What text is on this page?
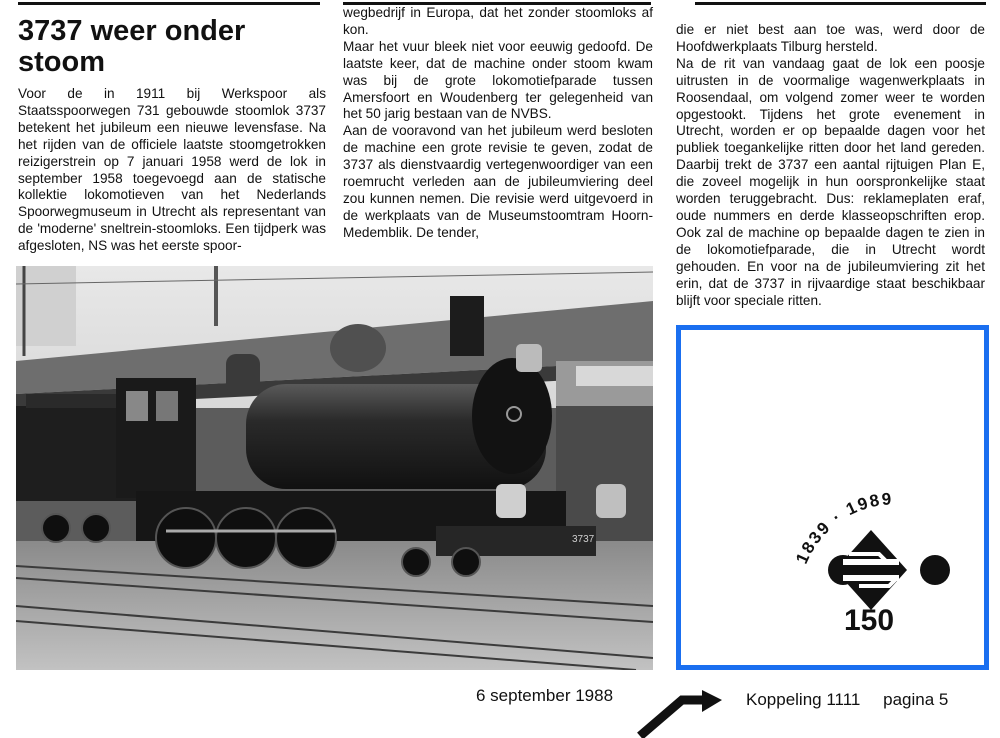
3737 weer onder stoom

Voor de in 1911 bij Werkspoor als Staatsspoorwegen 731 gebouwde stoomlok 3737 betekent het jubileum een nieuwe levensfase. Na het rijden van de officiele laatste stoomgetrokken reizigerstrein op 7 januari 1958 werd de lok in september 1958 toegevoegd aan de statische kollektie lokomotieven van het Nederlands Spoorwegmuseum in Utrecht als representant van de 'moderne' sneltrein-stoomloks. Een tijdperk was afgesloten, NS was het eerste spoor-

wegbedrijf in Europa, dat het zonder stoomloks af kon.

Maar het vuur bleek niet voor eeuwig gedoofd. De laatste keer, dat de machine onder stoom kwam was bij de grote lokomotiefparade tussen Amersfoort en Woudenberg ter gelegenheid van het 50 jarig bestaan van de NVBS.

Aan de vooravond van het jubileum werd besloten de machine een grote revisie te geven, zodat de 3737 als dienstvaardig vertegenwoordiger van een roemrucht verleden aan de jubileumviering deel zou kunnen nemen. Die revisie werd uitgevoerd in de werkplaats van de Museumstoomtram Hoorn-Medemblik. De tender,

die er niet best aan toe was, werd door de Hoofdwerkplaats Tilburg hersteld.

Na de rit van vandaag gaat de lok een poosje uitrusten in de voormalige wagenwerkplaats in Roosendaal, om volgend zomer weer te worden opgestookt. Tijdens het grote evenement in Utrecht, worden er op bepaalde dagen voor het publiek toegankelijke ritten door het land gereden. Daarbij trekt de 3737 een aantal rijtuigen Plan E, die zoveel mogelijk in hun oorspronkelijke staat worden teruggebracht. Dus: reklameplaten eraf, oude nummers en derde klasseopschriften erop. Ook zal de machine op bepaalde dagen te zien in de lokomotiefparade, die in Utrecht wordt gehouden. En voor na de jubileumviering zit het erin, dat de 3737 in rijvaardige staat beschikbaar blijft voor speciale ritten.

3737
1839 · 1989
150
6 september 1988	Koppeling 1111 pagina 5
